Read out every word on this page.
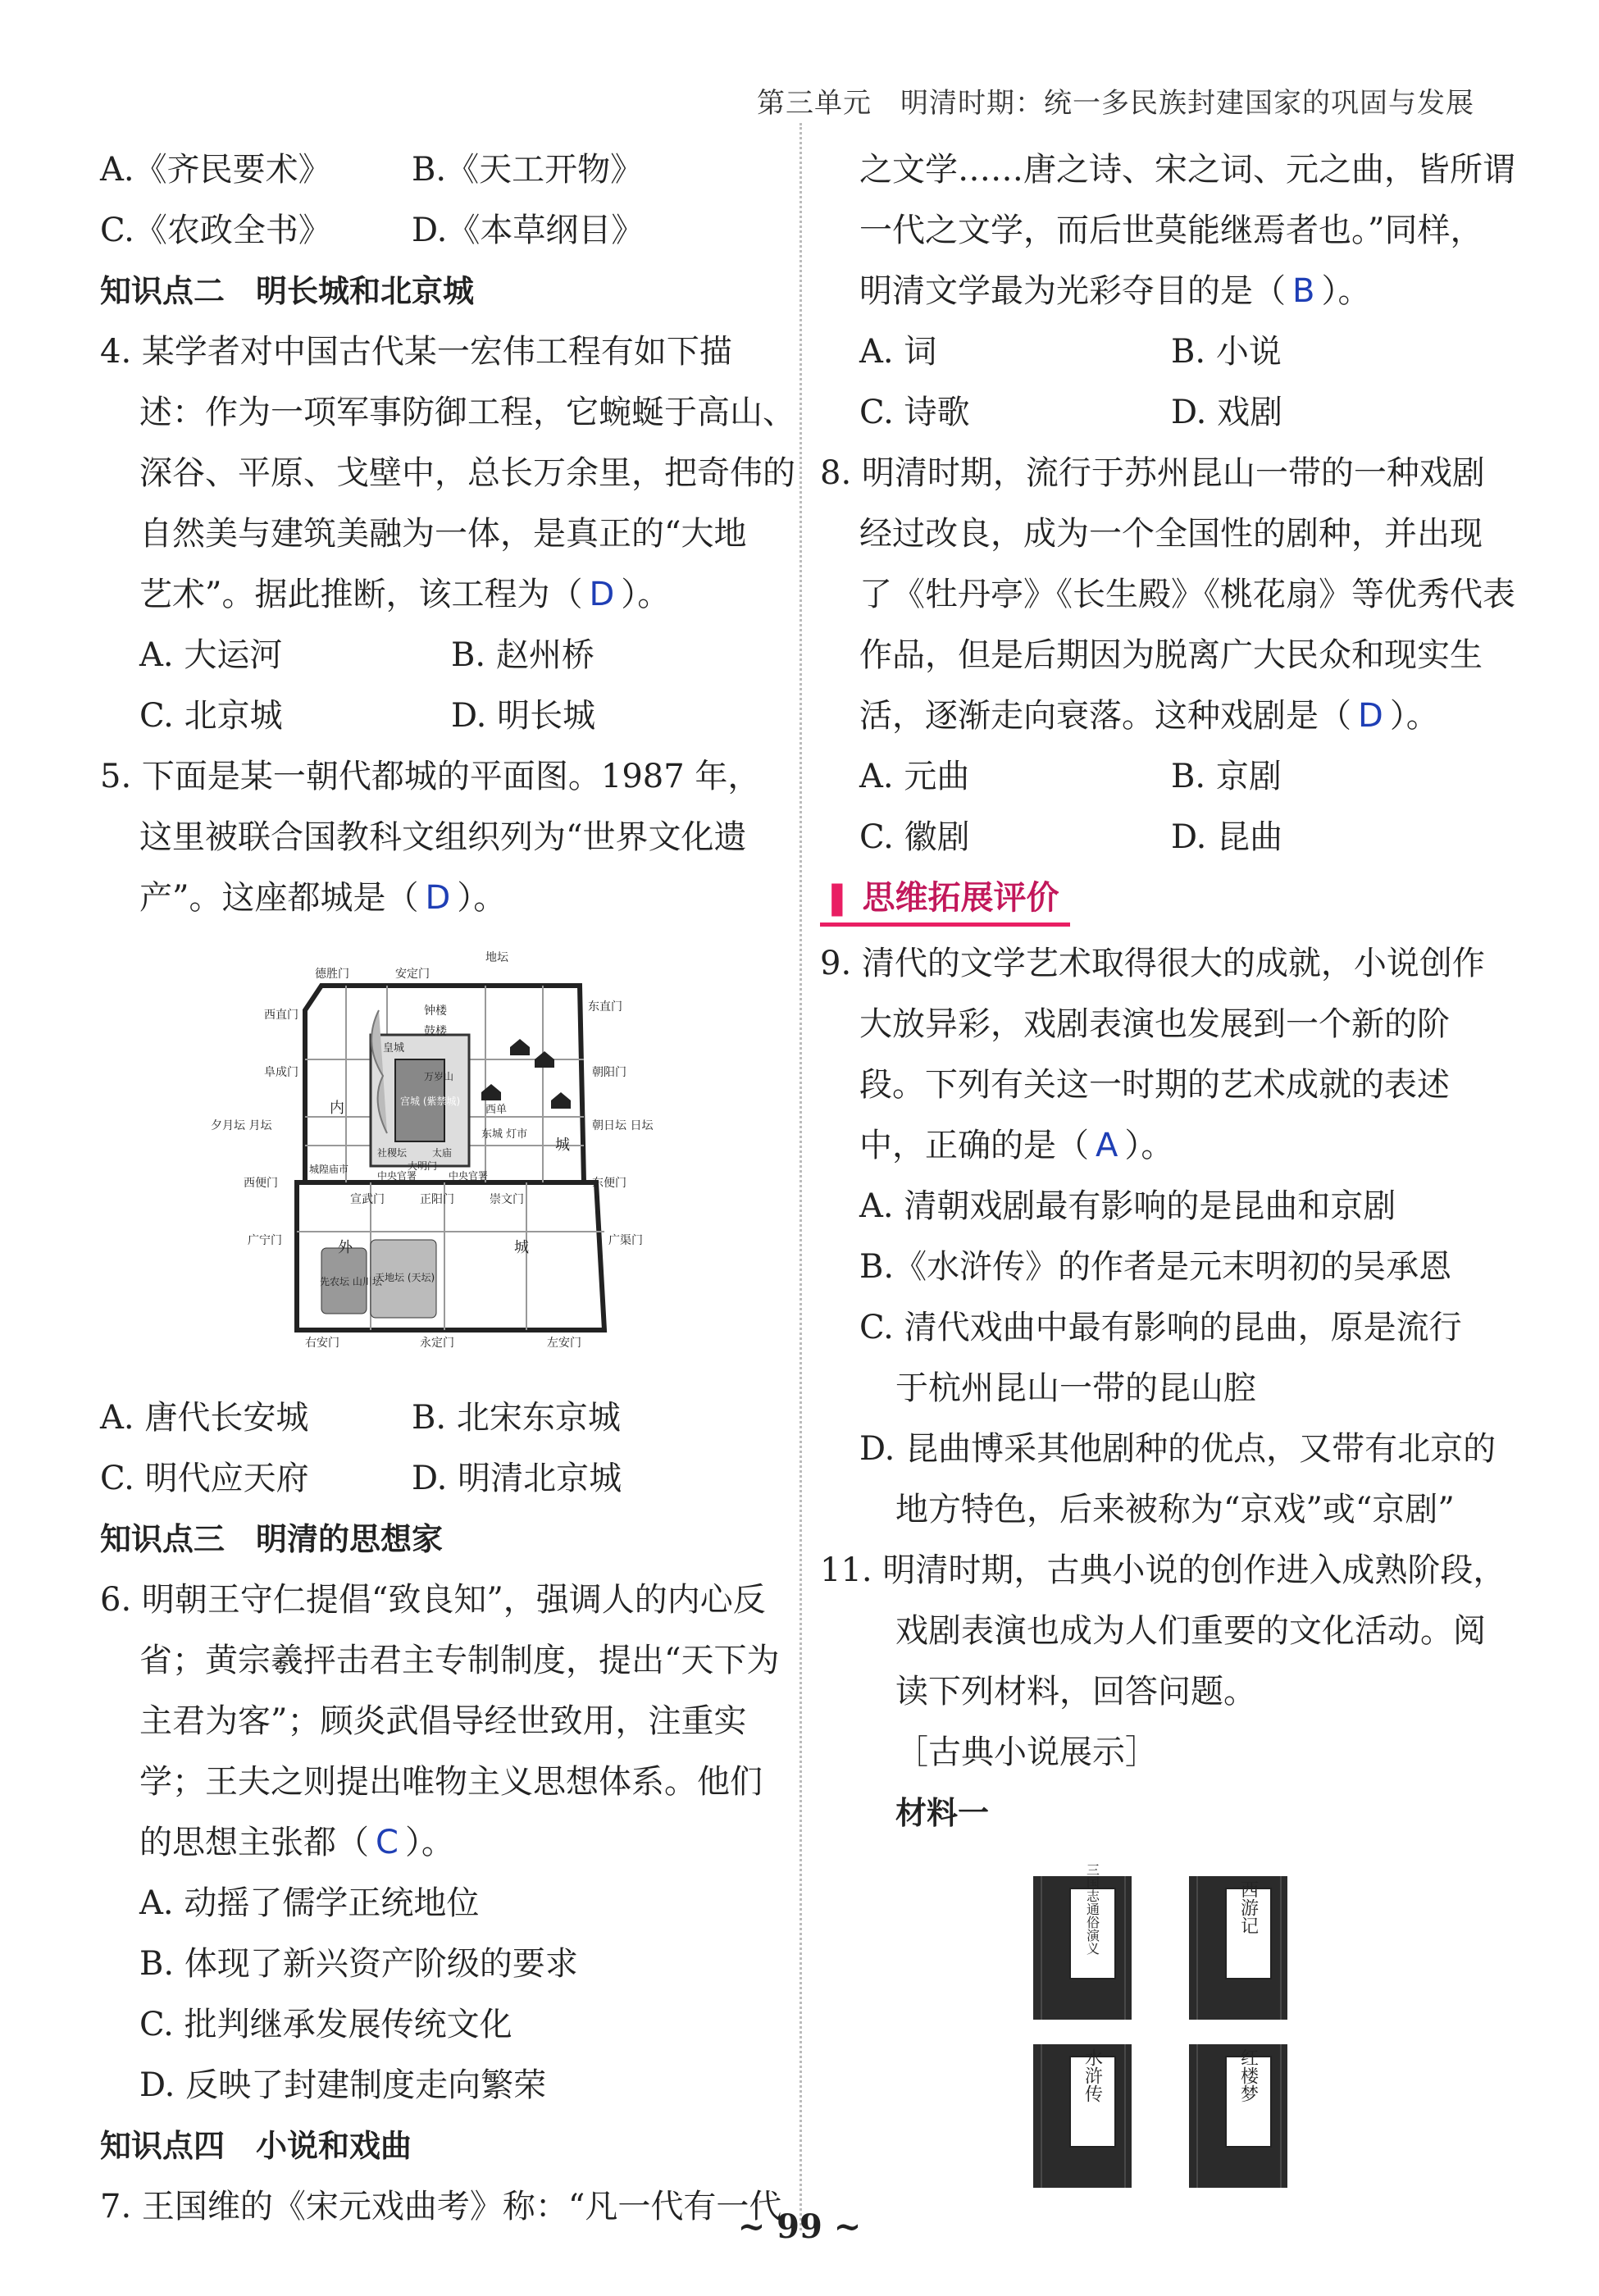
第三单元　明清时期：统一多民族封建国家的巩固与发展
A.《齐民要术》	B.《天工开物》
C.《农政全书》	D.《本草纲目》
知识点二　明长城和北京城
4. 某学者对中国古代某一宏伟工程有如下描
述：作为一项军事防御工程，它蜿蜒于高山、
深谷、平原、戈壁中，总长万余里，把奇伟的
自然美与建筑美融为一体，是真正的“大地
艺术”。据此推断，该工程为（ D ）。
A. 大运河	B. 赵州桥
C. 北京城	D. 明长城
5. 下面是某一朝代都城的平面图。1987 年，
这里被联合国教科文组织列为“世界文化遗
产”。这座都城是（ D ）。
德胜门	安定门
地坛
钟楼
鼓楼
东直门
西直门
阜成门	朝阳门
夕月坛 月坛	朝日坛 日坛
西便门	东便门
广宁门	广渠门
宣武门	正阳门	崇文门
左安门
右安门	永定门
内
城
外	城
皇城
宫城 (紫禁城)
万岁山
西单
东城 灯市
社稷坛	太庙
城隍庙市
中央官署	中央官署
大明门
先农坛 山川坛
天地坛 (天坛)
A. 唐代长安城	B. 北宋东京城
C. 明代应天府	D. 明清北京城
知识点三　明清的思想家
6. 明朝王守仁提倡“致良知”，强调人的内心反
省；黄宗羲抨击君主专制制度，提出“天下为
主君为客”；顾炎武倡导经世致用，注重实
学；王夫之则提出唯物主义思想体系。他们
的思想主张都（ C ）。
A. 动摇了儒学正统地位
B. 体现了新兴资产阶级的要求
C. 批判继承发展传统文化
D. 反映了封建制度走向繁荣
知识点四　小说和戏曲
7. 王国维的《宋元戏曲考》称：“凡一代有一代
之文学……唐之诗、宋之词、元之曲，皆所谓
一代之文学，而后世莫能继焉者也。”同样，
明清文学最为光彩夺目的是（ B ）。
A. 词	B. 小说
C. 诗歌	D. 戏剧
8. 明清时期，流行于苏州昆山一带的一种戏剧
经过改良，成为一个全国性的剧种，并出现
了《牡丹亭》《长生殿》《桃花扇》等优秀代表
作品，但是后期因为脱离广大民众和现实生
活，逐渐走向衰落。这种戏剧是（ D ）。
A. 元曲	B. 京剧
C. 徽剧	D. 昆曲
❚ 思维拓展评价
9. 清代的文学艺术取得很大的成就，小说创作
大放异彩，戏剧表演也发展到一个新的阶
段。下列有关这一时期的艺术成就的表述
中，正确的是（ A ）。
A. 清朝戏剧最有影响的是昆曲和京剧
B.《水浒传》的作者是元末明初的吴承恩
C. 清代戏曲中最有影响的昆曲，原是流行
于杭州昆山一带的昆山腔
D. 昆曲博采其他剧种的优点，又带有北京的
地方特色，后来被称为“京戏”或“京剧”
11. 明清时期，古典小说的创作进入成熟阶段，
戏剧表演也成为人们重要的文化活动。阅
读下列材料，回答问题。
［古典小说展示］
材料一
三国志通俗演义	西游记
水浒传	红楼梦
~ 99 ~
